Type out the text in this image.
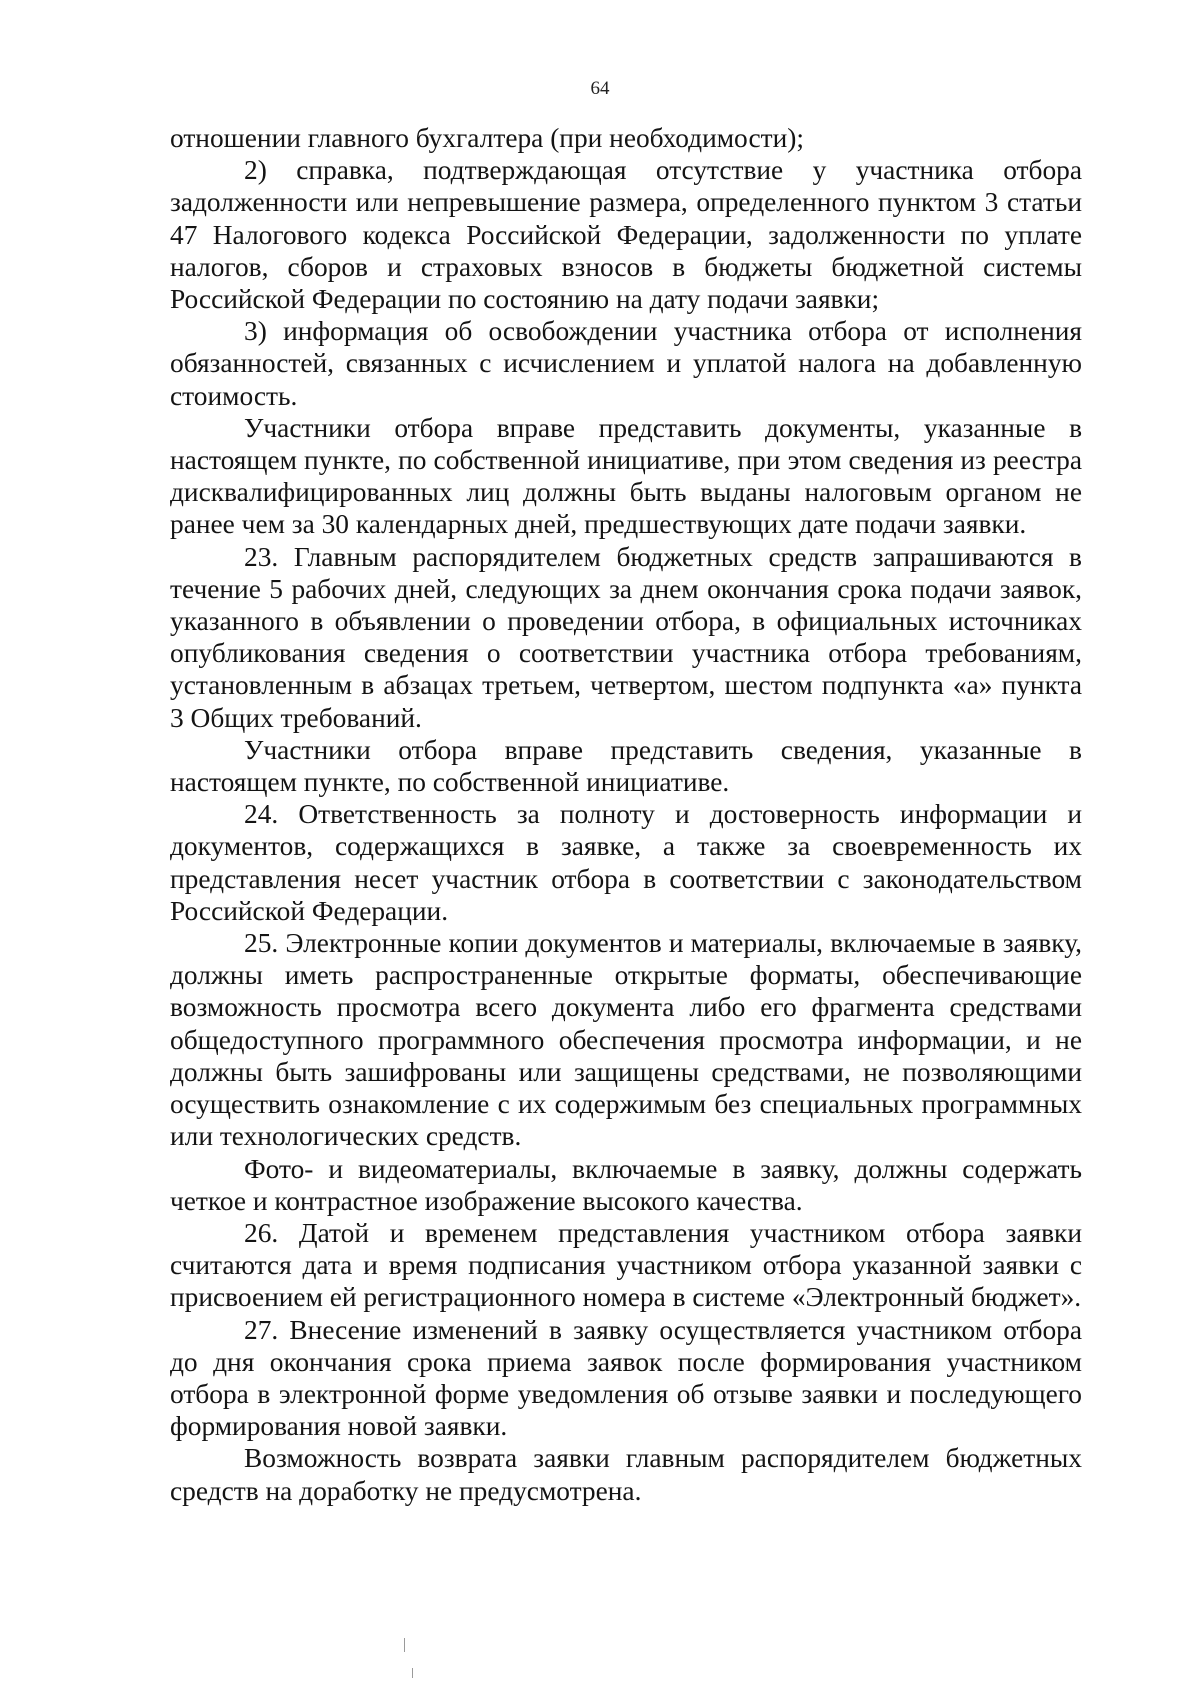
64

отношении главного бухгалтера (при необходимости);

2) справка, подтверждающая отсутствие у участника отбора задолженности или непревышение размера, определенного пунктом 3 статьи 47 Налогового кодекса Российской Федерации, задолженности по уплате налогов, сборов и страховых взносов в бюджеты бюджетной системы Российской Федерации по состоянию на дату подачи заявки;

3) информация об освобождении участника отбора от исполнения обязанностей, связанных с исчислением и уплатой налога на добавленную стоимость.

Участники отбора вправе представить документы, указанные в настоящем пункте, по собственной инициативе, при этом сведения из реестра дисквалифицированных лиц должны быть выданы налоговым органом не ранее чем за 30 календарных дней, предшествующих дате подачи заявки.

23. Главным распорядителем бюджетных средств запрашиваются в течение 5 рабочих дней, следующих за днем окончания срока подачи заявок, указанного в объявлении о проведении отбора, в официальных источниках опубликования сведения о соответствии участника отбора требованиям, установленным в абзацах третьем, четвертом, шестом подпункта «а» пункта 3 Общих требований.

Участники отбора вправе представить сведения, указанные в настоящем пункте, по собственной инициативе.

24. Ответственность за полноту и достоверность информации и документов, содержащихся в заявке, а также за своевременность их представления несет участник отбора в соответствии с законодательством Российской Федерации.

25. Электронные копии документов и материалы, включаемые в заявку, должны иметь распространенные открытые форматы, обеспечивающие возможность просмотра всего документа либо его фрагмента средствами общедоступного программного обеспечения просмотра информации, и не должны быть зашифрованы или защищены средствами, не позволяющими осуществить ознакомление с их содержимым без специальных программных или технологических средств.

Фото- и видеоматериалы, включаемые в заявку, должны содержать четкое и контрастное изображение высокого качества.

26. Датой и временем представления участником отбора заявки считаются дата и время подписания участником отбора указанной заявки с присвоением ей регистрационного номера в системе «Электронный бюджет».

27. Внесение изменений в заявку осуществляется участником отбора до дня окончания срока приема заявок после формирования участником отбора в электронной форме уведомления об отзыве заявки и последующего формирования новой заявки.

Возможность возврата заявки главным распорядителем бюджетных средств на доработку не предусмотрена.
